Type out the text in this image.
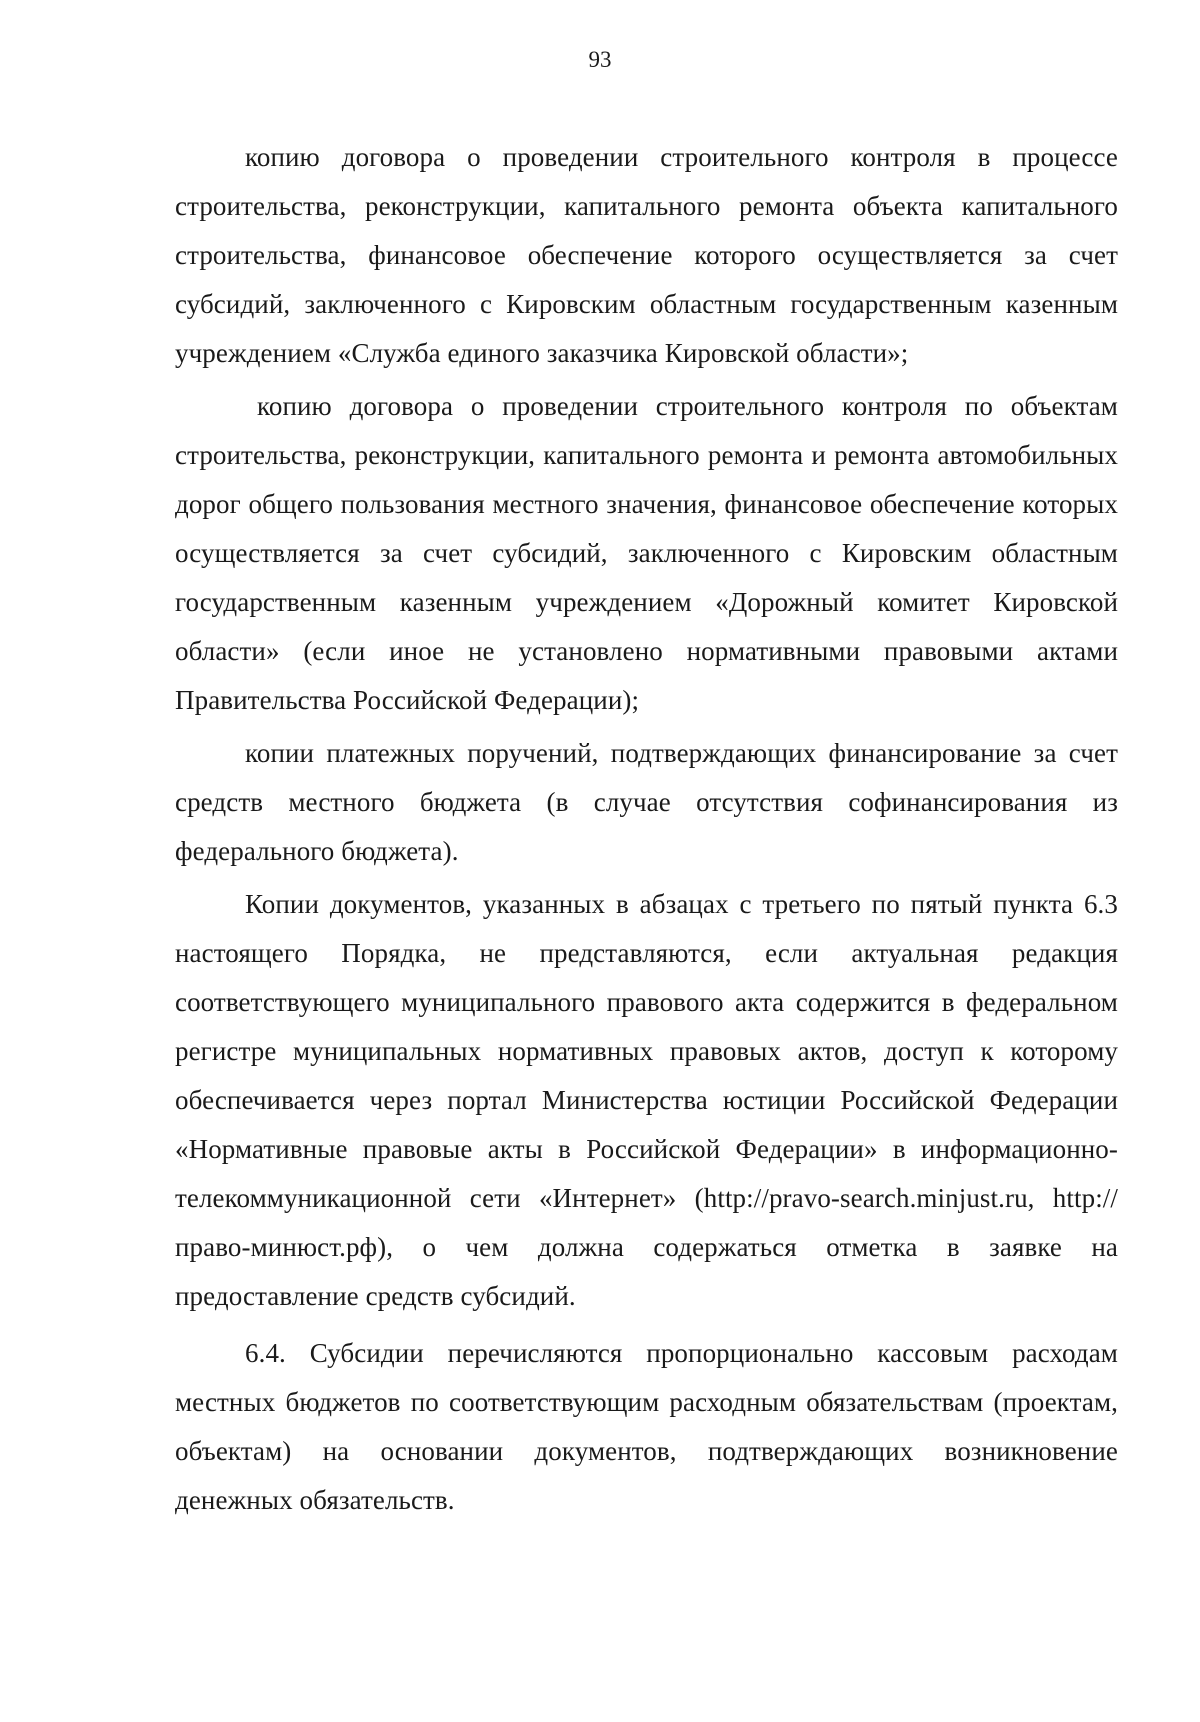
93

копию договора о проведении строительного контроля в процессе строительства, реконструкции, капитального ремонта объекта капитального строительства, финансовое обеспечение которого осуществляется за счет субсидий, заключенного с Кировским областным государственным казенным учреждением «Служба единого заказчика Кировской области»;

копию договора о проведении строительного контроля по объектам строительства, реконструкции, капитального ремонта и ремонта автомобильных дорог общего пользования местного значения, финансовое обеспечение которых осуществляется за счет субсидий, заключенного с Кировским областным государственным казенным учреждением «Дорожный комитет Кировской области» (если иное не установлено нормативными правовыми актами Правительства Российской Федерации);

копии платежных поручений, подтверждающих финансирование за счет средств местного бюджета (в случае отсутствия софинансирования из федерального бюджета).

Копии документов, указанных в абзацах с третьего по пятый пункта 6.3 настоящего Порядка, не представляются, если актуальная редакция соответствующего муниципального правового акта содержится в федеральном регистре муниципальных нормативных правовых актов, доступ к которому обеспечивается через портал Министерства юстиции Российской Федерации «Нормативные правовые акты в Российской Федерации» в информационно-телекоммуникационной сети «Интернет» (http://pravo-search.minjust.ru, http://право-минюст.рф), о чем должна содержаться отметка в заявке на предоставление средств субсидий.

6.4. Субсидии перечисляются пропорционально кассовым расходам местных бюджетов по соответствующим расходным обязательствам (проектам, объектам) на основании документов, подтверждающих возникновение денежных обязательств.
